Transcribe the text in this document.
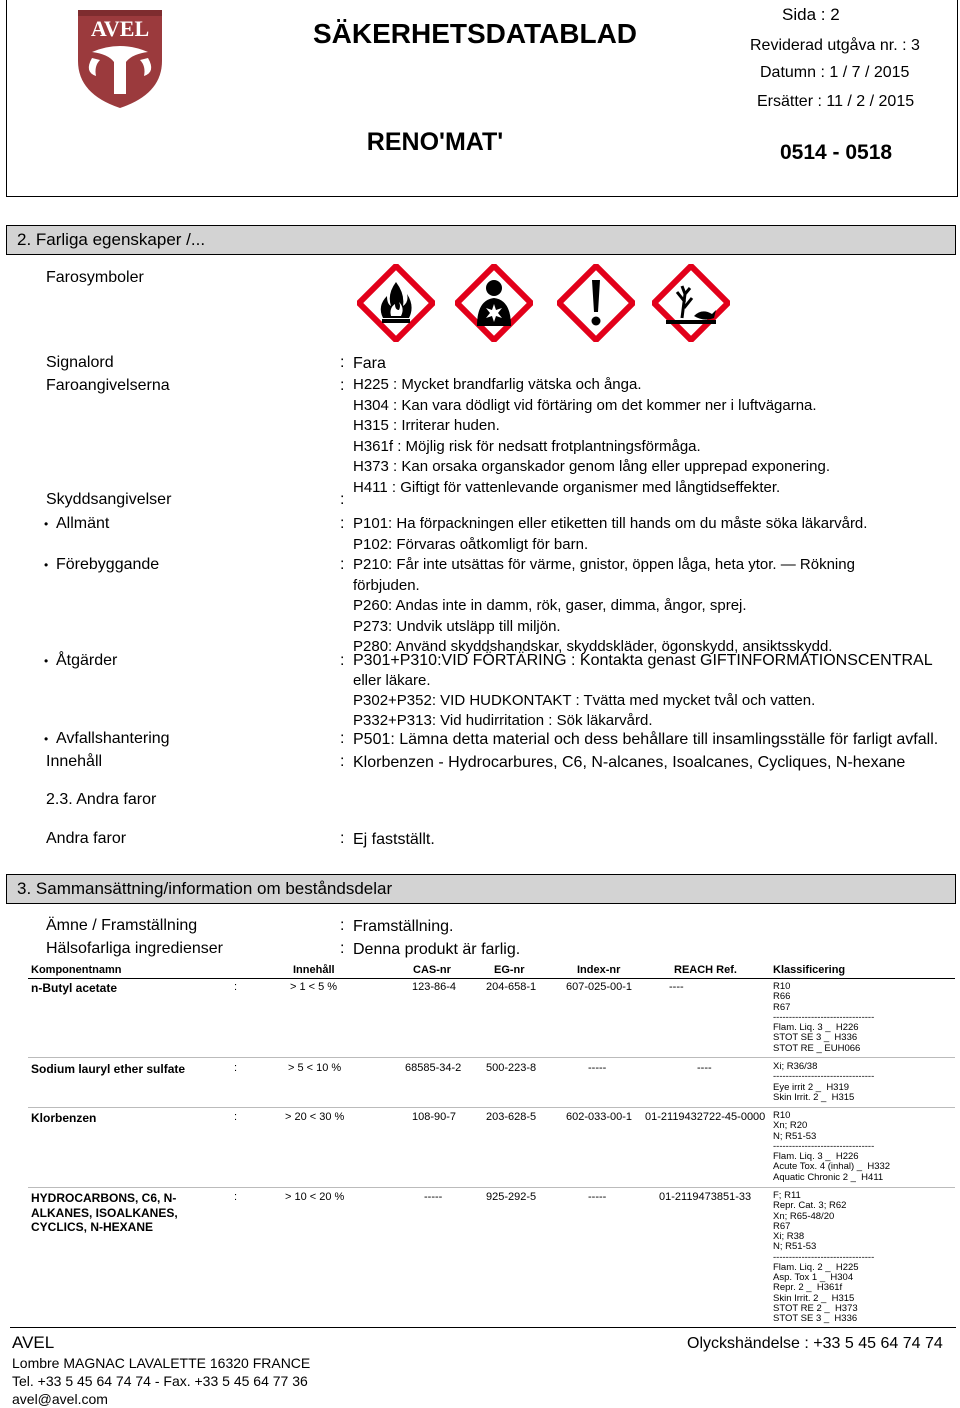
AVEL	SÄKERHETSDATABLAD
RENO'MAT'
Sida : 2
Reviderad utgåva nr. : 3
Datumn : 1 / 7 / 2015
Ersätter : 11 / 2 / 2015
0514 - 0518
2. Farliga egenskaper /...
Farosymboler
Signalord	: Fara
Faroangivelserna	: H225 : Mycket brandfarlig vätska och ånga.
H304 : Kan vara dödligt vid förtäring om det kommer ner i luftvägarna.
H315 : Irriterar huden.
H361f : Möjlig risk för nedsatt frotplantningsförmåga.
H373 : Kan orsaka organskador genom lång eller upprepad exponering.
H411 : Giftigt för vattenlevande organismer med långtidseffekter.
Skyddsangivelser	:
• Allmänt	: P101: Ha förpackningen eller etiketten till hands om du måste söka läkarvård.
P102: Förvaras oåtkomligt för barn.
• Förebyggande	: P210: Får inte utsättas för värme, gnistor, öppen låga, heta ytor. — Rökning
förbjuden.
P260: Andas inte in damm, rök, gaser, dimma, ångor, sprej.
P273: Undvik utsläpp till miljön.
P280: Använd skyddshandskar, skyddskläder, ögonskydd, ansiktsskydd.
• Åtgärder	: P301+P310:VID FÖRTÄRING : Kontakta genast GIFTINFORMATIONSCENTRAL
eller läkare.
P302+P352: VID HUDKONTAKT : Tvätta med mycket tvål och vatten.
P332+P313: Vid hudirritation : Sök läkarvård.
• Avfallshantering	: P501: Lämna detta material och dess behållare till insamlingsställe för farligt avfall.
Innehåll	: Klorbenzen - Hydrocarbures, C6, N-alcanes, Isoalcanes, Cycliques, N-hexane
2.3. Andra faror
Andra faror	: Ej fastställt.
3. Sammansättning/information om beståndsdelar
Ämne / Framställning	: Framställning.
Hälsofarliga ingredienser	: Denna produkt är farlig.
Komponentnamn	Innehåll	CAS-nr	EG-nr	Index-nr	REACH Ref.	Klassificering
n-Butyl acetate	:	> 1 < 5 %	123-86-4	204-658-1	607-025-00-1	----	R10
R66
R67
--------------------------------
Flam. Liq. 3 _  H226
STOT SE 3 _  H336
STOT RE _ EUH066
Sodium lauryl ether sulfate	:	> 5 < 10 %	68585-34-2 500-223-8	-----	----	Xi; R36/38
--------------------------------
Eye irrit 2 _  H319
Skin Irrit. 2 _  H315
Klorbenzen	:	> 20 < 30 %	108-90-7	203-628-5	602-033-00-1 01-2119432722-45-0000 R10
Xn; R20
N; R51-53
--------------------------------
Flam. Liq. 3 _  H226
Acute Tox. 4 (inhal) _  H332
Aquatic Chronic 2 _  H411
HYDROCARBONS, C6, N-
ALKANES, ISOALKANES,
CYCLICS, N-HEXANE
:	> 10 < 20 %	-----	925-292-5	-----	01-2119473851-33 F; R11
Repr. Cat. 3; R62
Xn; R65-48/20
R67
Xi; R38
N; R51-53
--------------------------------
Flam. Liq. 2 _  H225
Asp. Tox 1 _  H304
Repr. 2 _  H361f
Skin Irrit. 2 _  H315
STOT RE 2 _  H373
STOT SE 3 _  H336
AVEL	Olyckshändelse : +33 5 45 64 74 74
Lombre MAGNAC LAVALETTE 16320 FRANCE
Tel. +33 5 45 64 74 74 - Fax. +33 5 45 64 77 36
avel@avel.com
